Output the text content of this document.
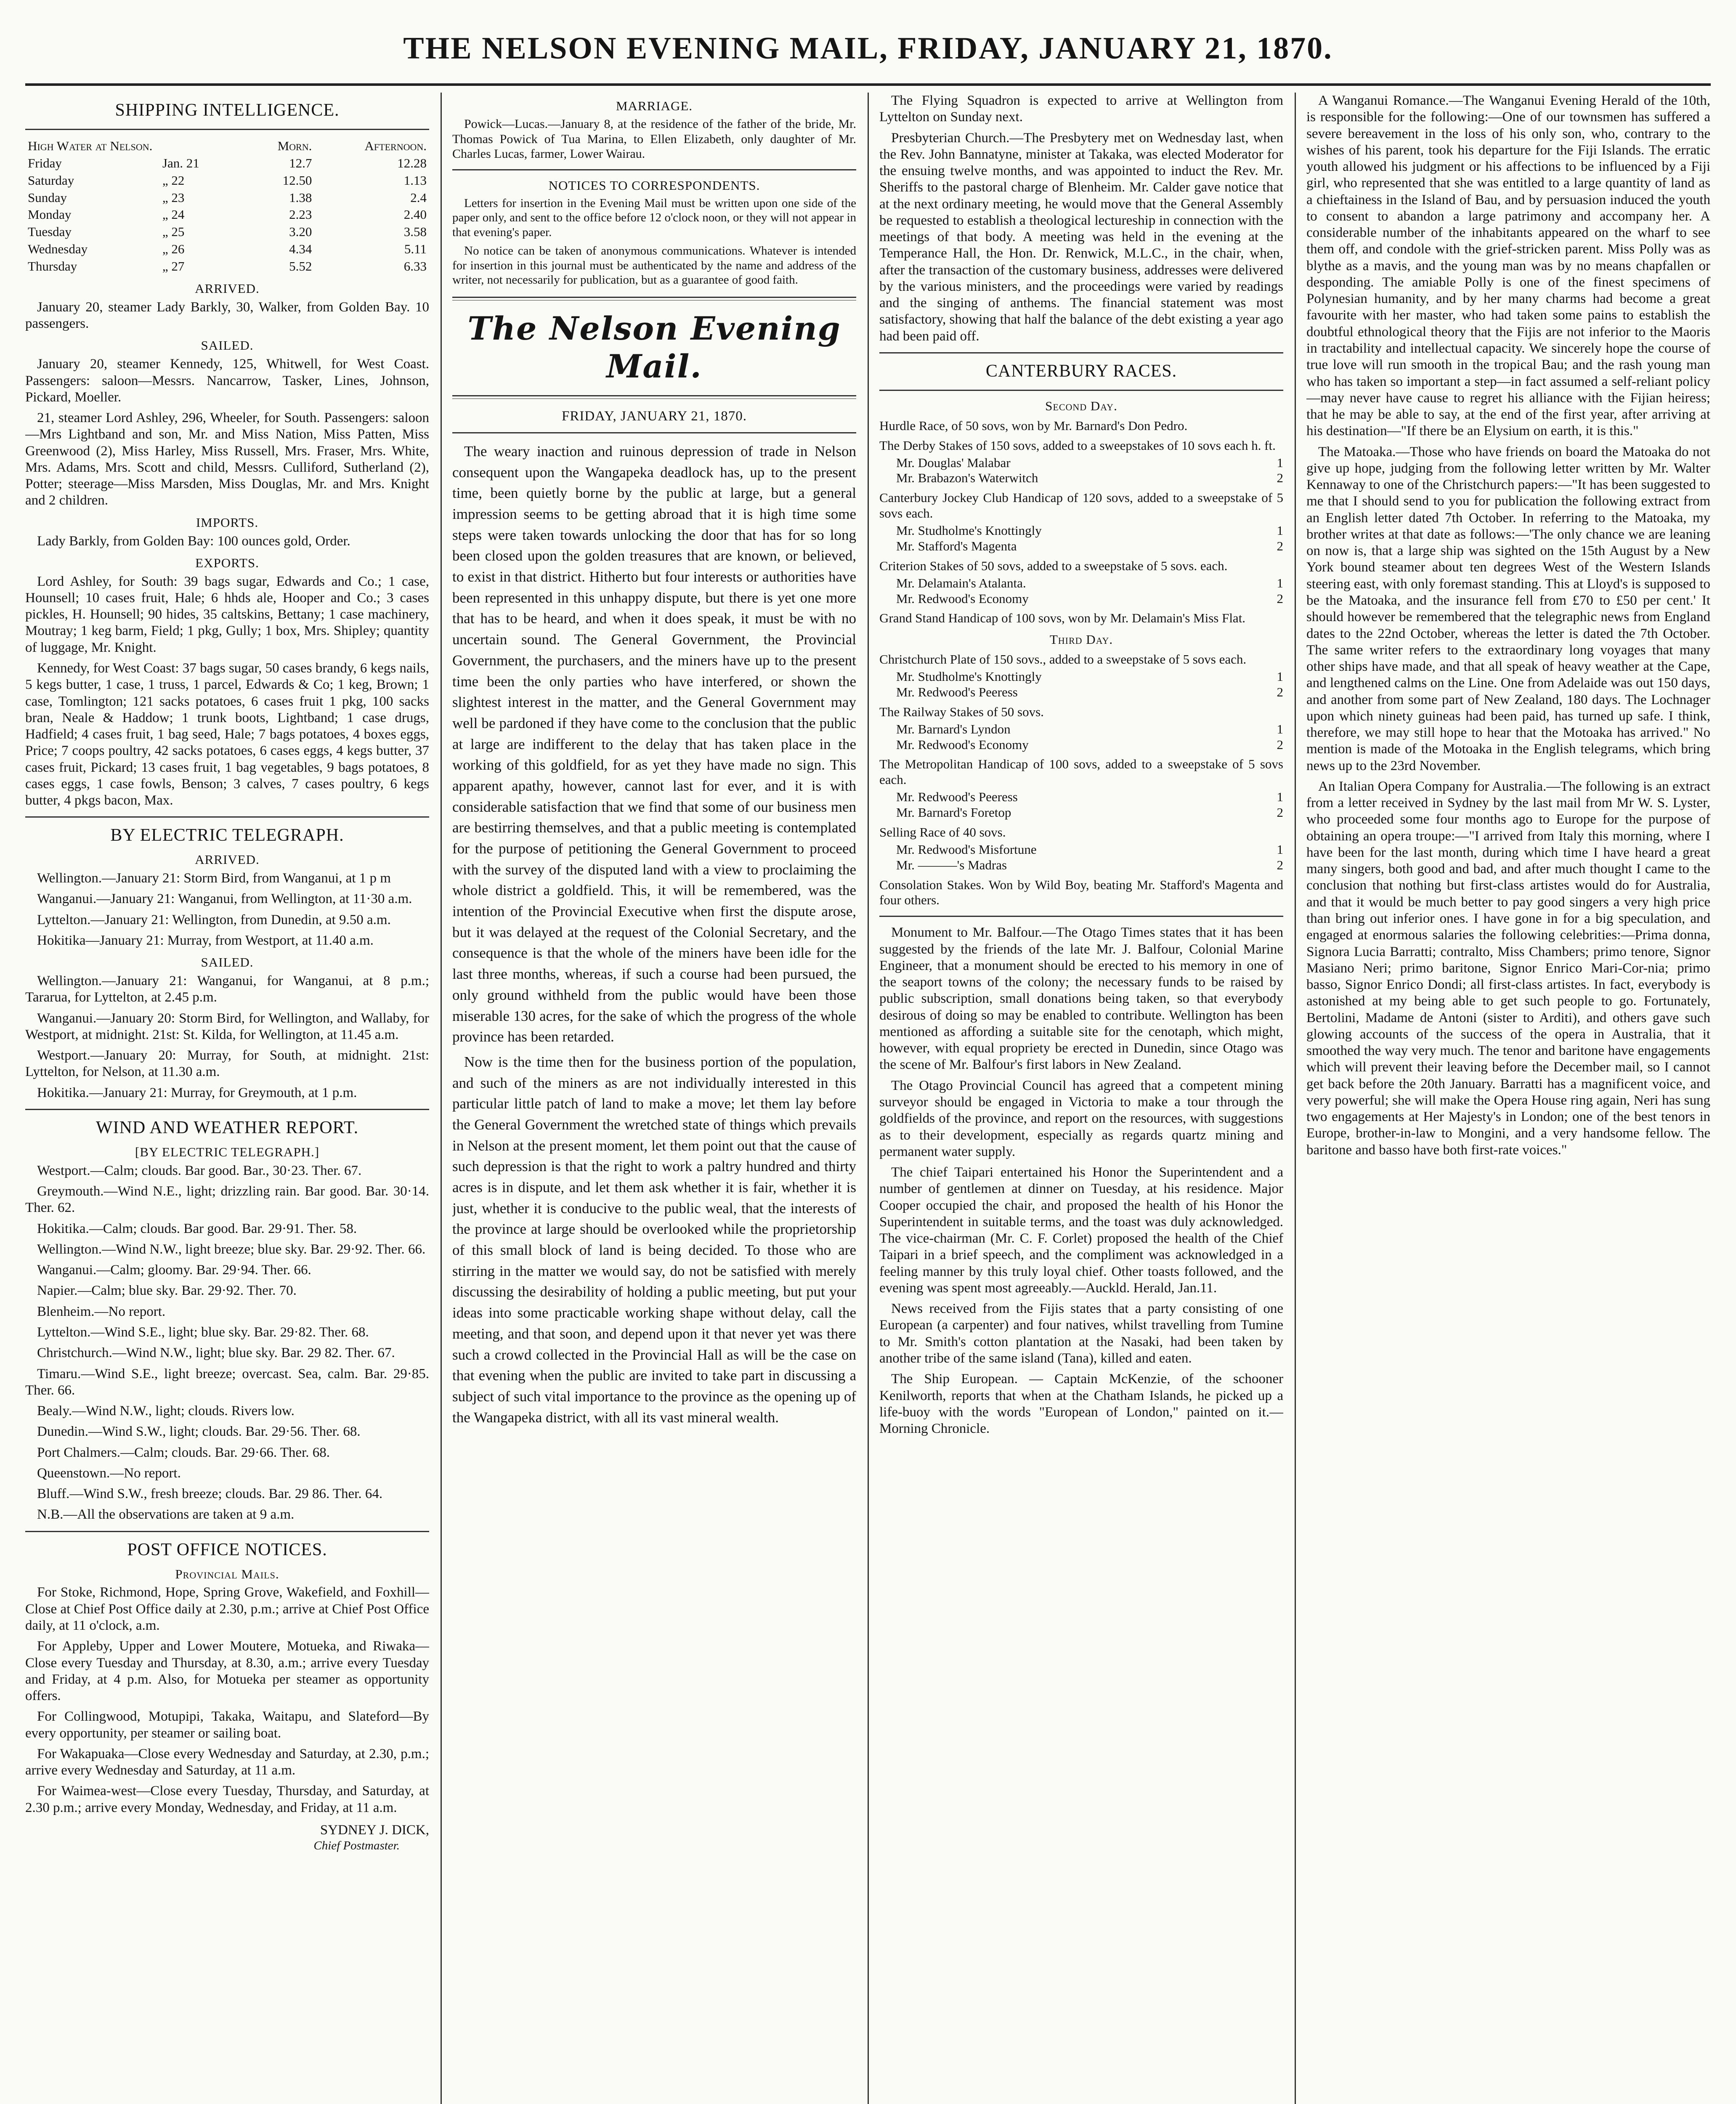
THE NELSON EVENING MAIL, FRIDAY, JANUARY 21, 1870.
SHIPPING INTELLIGENCE.
High Water at Nelson.		Morn.	Afternoon.
Friday	Jan. 21	12.7	12.28
Saturday	„ 22	12.50	1.13
Sunday	„ 23	1.38	2.4
Monday	„ 24	2.23	2.40
Tuesday	„ 25	3.20	3.58
Wednesday	„ 26	4.34	5.11
Thursday	„ 27	5.52	6.33
ARRIVED.

January 20, steamer Lady Barkly, 30, Walker, from Golden Bay. 10 passengers.

SAILED.

January 20, steamer Kennedy, 125, Whitwell, for West Coast. Passengers: saloon—Messrs. Nancarrow, Tasker, Lines, Johnson, Pickard, Moeller.

21, steamer Lord Ashley, 296, Wheeler, for South. Passengers: saloon—Mrs Lightband and son, Mr. and Miss Nation, Miss Patten, Miss Greenwood (2), Miss Harley, Miss Russell, Mrs. Fraser, Mrs. White, Mrs. Adams, Mrs. Scott and child, Messrs. Culliford, Sutherland (2), Potter; steerage—Miss Marsden, Miss Douglas, Mr. and Mrs. Knight and 2 children.

IMPORTS.

Lady Barkly, from Golden Bay: 100 ounces gold, Order.

EXPORTS.

Lord Ashley, for South: 39 bags sugar, Edwards and Co.; 1 case, Hounsell; 10 cases fruit, Hale; 6 hhds ale, Hooper and Co.; 3 cases pickles, H. Hounsell; 90 hides, 35 caltskins, Bettany; 1 case machinery, Moutray; 1 keg barm, Field; 1 pkg, Gully; 1 box, Mrs. Shipley; quantity of luggage, Mr. Knight.

Kennedy, for West Coast: 37 bags sugar, 50 cases brandy, 6 kegs nails, 5 kegs butter, 1 case, 1 truss, 1 parcel, Edwards & Co; 1 keg, Brown; 1 case, Tomlington; 121 sacks potatoes, 6 cases fruit 1 pkg, 100 sacks bran, Neale & Haddow; 1 trunk boots, Lightband; 1 case drugs, Hadfield; 4 cases fruit, 1 bag seed, Hale; 7 bags potatoes, 4 boxes eggs, Price; 7 coops poultry, 42 sacks potatoes, 6 cases eggs, 4 kegs butter, 37 cases fruit, Pickard; 13 cases fruit, 1 bag vegetables, 9 bags potatoes, 8 cases eggs, 1 case fowls, Benson; 3 calves, 7 cases poultry, 6 kegs butter, 4 pkgs bacon, Max.

BY ELECTRIC TELEGRAPH.
ARRIVED.

Wellington.—January 21: Storm Bird, from Wanganui, at 1 p m

Wanganui.—January 21: Wanganui, from Wellington, at 11·30 a.m.

Lyttelton.—January 21: Wellington, from Dunedin, at 9.50 a.m.

Hokitika—January 21: Murray, from Westport, at 11.40 a.m.

SAILED.

Wellington.—January 21: Wanganui, for Wanganui, at 8 p.m.; Tararua, for Lyttelton, at 2.45 p.m.

Wanganui.—January 20: Storm Bird, for Wellington, and Wallaby, for Westport, at midnight. 21st: St. Kilda, for Wellington, at 11.45 a.m.

Westport.—January 20: Murray, for South, at midnight. 21st: Lyttelton, for Nelson, at 11.30 a.m.

Hokitika.—January 21: Murray, for Greymouth, at 1 p.m.

WIND AND WEATHER REPORT.
[BY ELECTRIC TELEGRAPH.]

Westport.—Calm; clouds. Bar good. Bar., 30·23. Ther. 67.

Greymouth.—Wind N.E., light; drizzling rain. Bar good. Bar. 30·14. Ther. 62.

Hokitika.—Calm; clouds. Bar good. Bar. 29·91. Ther. 58.

Wellington.—Wind N.W., light breeze; blue sky. Bar. 29·92. Ther. 66.

Wanganui.—Calm; gloomy. Bar. 29·94. Ther. 66.

Napier.—Calm; blue sky. Bar. 29·92. Ther. 70.

Blenheim.—No report.

Lyttelton.—Wind S.E., light; blue sky. Bar. 29·82. Ther. 68.

Christchurch.—Wind N.W., light; blue sky. Bar. 29 82. Ther. 67.

Timaru.—Wind S.E., light breeze; overcast. Sea, calm. Bar. 29·85. Ther. 66.

Bealy.—Wind N.W., light; clouds. Rivers low.

Dunedin.—Wind S.W., light; clouds. Bar. 29·56. Ther. 68.

Port Chalmers.—Calm; clouds. Bar. 29·66. Ther. 68.

Queenstown.—No report.

Bluff.—Wind S.W., fresh breeze; clouds. Bar. 29 86. Ther. 64.

N.B.—All the observations are taken at 9 a.m.

POST OFFICE NOTICES.
Provincial Mails.

For Stoke, Richmond, Hope, Spring Grove, Wakefield, and Foxhill—Close at Chief Post Office daily at 2.30, p.m.; arrive at Chief Post Office daily, at 11 o'clock, a.m.

For Appleby, Upper and Lower Moutere, Motueka, and Riwaka—Close every Tuesday and Thursday, at 8.30, a.m.; arrive every Tuesday and Friday, at 4 p.m. Also, for Motueka per steamer as opportunity offers.

For Collingwood, Motupipi, Takaka, Waitapu, and Slateford—By every opportunity, per steamer or sailing boat.

For Wakapuaka—Close every Wednesday and Saturday, at 2.30, p.m.; arrive every Wednesday and Saturday, at 11 a.m.

For Waimea-west—Close every Tuesday, Thursday, and Saturday, at 2.30 p.m.; arrive every Monday, Wednesday, and Friday, at 11 a.m.

SYDNEY J. DICK,
Chief Postmaster.
MARRIAGE.

Powick—Lucas.—January 8, at the residence of the father of the bride, Mr. Thomas Powick of Tua Marina, to Ellen Elizabeth, only daughter of Mr. Charles Lucas, farmer, Lower Wairau.

NOTICES TO CORRESPONDENTS.

Letters for insertion in the Evening Mail must be written upon one side of the paper only, and sent to the office before 12 o'clock noon, or they will not appear in that evening's paper.

No notice can be taken of anonymous communications. Whatever is intended for insertion in this journal must be authenticated by the name and address of the writer, not necessarily for publication, but as a guarantee of good faith.

The Nelson Evening Mail.
FRIDAY, JANUARY 21, 1870.

The weary inaction and ruinous depression of trade in Nelson consequent upon the Wangapeka deadlock has, up to the present time, been quietly borne by the public at large, but a general impression seems to be getting abroad that it is high time some steps were taken towards unlocking the door that has for so long been closed upon the golden treasures that are known, or believed, to exist in that district. Hitherto but four interests or authorities have been represented in this unhappy dispute, but there is yet one more that has to be heard, and when it does speak, it must be with no uncertain sound. The General Government, the Provincial Government, the purchasers, and the miners have up to the present time been the only parties who have interfered, or shown the slightest interest in the matter, and the General Government may well be pardoned if they have come to the conclusion that the public at large are indifferent to the delay that has taken place in the working of this goldfield, for as yet they have made no sign. This apparent apathy, however, cannot last for ever, and it is with considerable satisfaction that we find that some of our business men are bestirring themselves, and that a public meeting is contemplated for the purpose of petitioning the General Government to proceed with the survey of the disputed land with a view to proclaiming the whole district a goldfield. This, it will be remembered, was the intention of the Provincial Executive when first the dispute arose, but it was delayed at the request of the Colonial Secretary, and the consequence is that the whole of the miners have been idle for the last three months, whereas, if such a course had been pursued, the only ground withheld from the public would have been those miserable 130 acres, for the sake of which the progress of the whole province has been retarded.

Now is the time then for the business portion of the population, and such of the miners as are not individually interested in this particular little patch of land to make a move; let them lay before the General Government the wretched state of things which prevails in Nelson at the present moment, let them point out that the cause of such depression is that the right to work a paltry hundred and thirty acres is in dispute, and let them ask whether it is fair, whether it is just, whether it is conducive to the public weal, that the interests of the province at large should be overlooked while the proprietorship of this small block of land is being decided. To those who are stirring in the matter we would say, do not be satisfied with merely discussing the desirability of holding a public meeting, but put your ideas into some practicable working shape without delay, call the meeting, and that soon, and depend upon it that never yet was there such a crowd collected in the Provincial Hall as will be the case on that evening when the public are invited to take part in discussing a subject of such vital importance to the province as the opening up of the Wangapeka district, with all its vast mineral wealth.

The Flying Squadron is expected to arrive at Wellington from Lyttelton on Sunday next.

Presbyterian Church.—The Presbytery met on Wednesday last, when the Rev. John Bannatyne, minister at Takaka, was elected Moderator for the ensuing twelve months, and was appointed to induct the Rev. Mr. Sheriffs to the pastoral charge of Blenheim. Mr. Calder gave notice that at the next ordinary meeting, he would move that the General Assembly be requested to establish a theological lectureship in connection with the meetings of that body. A meeting was held in the evening at the Temperance Hall, the Hon. Dr. Renwick, M.L.C., in the chair, when, after the transaction of the customary business, addresses were delivered by the various ministers, and the proceedings were varied by readings and the singing of anthems. The financial statement was most satisfactory, showing that half the balance of the debt existing a year ago had been paid off.

CANTERBURY RACES.
Second Day.

Hurdle Race, of 50 sovs, won by Mr. Barnard's Don Pedro.

The Derby Stakes of 150 sovs, added to a sweepstakes of 10 sovs each h. ft.

Mr. Douglas' Malabar	1
Mr. Brabazon's Waterwitch	2

Canterbury Jockey Club Handicap of 120 sovs, added to a sweepstake of 5 sovs each.

Mr. Studholme's Knottingly	1
Mr. Stafford's Magenta	2

Criterion Stakes of 50 sovs, added to a sweepstake of 5 sovs. each.

Mr. Delamain's Atalanta.	1
Mr. Redwood's Economy	2

Grand Stand Handicap of 100 sovs, won by Mr. Delamain's Miss Flat.

Third Day.

Christchurch Plate of 150 sovs., added to a sweepstake of 5 sovs each.

Mr. Studholme's Knottingly	1
Mr. Redwood's Peeress	2

The Railway Stakes of 50 sovs.

Mr. Barnard's Lyndon	1
Mr. Redwood's Economy	2

The Metropolitan Handicap of 100 sovs, added to a sweepstake of 5 sovs each.

Mr. Redwood's Peeress	1
Mr. Barnard's Foretop	2

Selling Race of 40 sovs.

Mr. Redwood's Misfortune	1
Mr. ———'s Madras	2

Consolation Stakes. Won by Wild Boy, beating Mr. Stafford's Magenta and four others.

Monument to Mr. Balfour.—The Otago Times states that it has been suggested by the friends of the late Mr. J. Balfour, Colonial Marine Engineer, that a monument should be erected to his memory in one of the seaport towns of the colony; the necessary funds to be raised by public subscription, small donations being taken, so that everybody desirous of doing so may be enabled to contribute. Wellington has been mentioned as affording a suitable site for the cenotaph, which might, however, with equal propriety be erected in Dunedin, since Otago was the scene of Mr. Balfour's first labors in New Zealand.

The Otago Provincial Council has agreed that a competent mining surveyor should be engaged in Victoria to make a tour through the goldfields of the province, and report on the resources, with suggestions as to their development, especially as regards quartz mining and permanent water supply.

The chief Taipari entertained his Honor the Superintendent and a number of gentlemen at dinner on Tuesday, at his residence. Major Cooper occupied the chair, and proposed the health of his Honor the Superintendent in suitable terms, and the toast was duly acknowledged. The vice-chairman (Mr. C. F. Corlet) proposed the health of the Chief Taipari in a brief speech, and the compliment was acknowledged in a feeling manner by this truly loyal chief. Other toasts followed, and the evening was spent most agreeably.—Auckld. Herald, Jan.11.

News received from the Fijis states that a party consisting of one European (a carpenter) and four natives, whilst travelling from Tumine to Mr. Smith's cotton plantation at the Nasaki, had been taken by another tribe of the same island (Tana), killed and eaten.

The Ship European. — Captain McKenzie, of the schooner Kenilworth, reports that when at the Chatham Islands, he picked up a life-buoy with the words "European of London," painted on it.—Morning Chronicle.

A Wanganui Romance.—The Wanganui Evening Herald of the 10th, is responsible for the following:—One of our townsmen has suffered a severe bereavement in the loss of his only son, who, contrary to the wishes of his parent, took his departure for the Fiji Islands. The erratic youth allowed his judgment or his affections to be influenced by a Fiji girl, who represented that she was entitled to a large quantity of land as a chieftainess in the Island of Bau, and by persuasion induced the youth to consent to abandon a large patrimony and accompany her. A considerable number of the inhabitants appeared on the wharf to see them off, and condole with the grief-stricken parent. Miss Polly was as blythe as a mavis, and the young man was by no means chapfallen or desponding. The amiable Polly is one of the finest specimens of Polynesian humanity, and by her many charms had become a great favourite with her master, who had taken some pains to establish the doubtful ethnological theory that the Fijis are not inferior to the Maoris in tractability and intellectual capacity. We sincerely hope the course of true love will run smooth in the tropical Bau; and the rash young man who has taken so important a step—in fact assumed a self-reliant policy—may never have cause to regret his alliance with the Fijian heiress; that he may be able to say, at the end of the first year, after arriving at his destination—"If there be an Elysium on earth, it is this."

The Matoaka.—Those who have friends on board the Matoaka do not give up hope, judging from the following letter written by Mr. Walter Kennaway to one of the Christchurch papers:—"It has been suggested to me that I should send to you for publication the following extract from an English letter dated 7th October. In referring to the Matoaka, my brother writes at that date as follows:—'The only chance we are leaning on now is, that a large ship was sighted on the 15th August by a New York bound steamer about ten degrees West of the Western Islands steering east, with only foremast standing. This at Lloyd's is supposed to be the Matoaka, and the insurance fell from £70 to £50 per cent.' It should however be remembered that the telegraphic news from England dates to the 22nd October, whereas the letter is dated the 7th October. The same writer refers to the extraordinary long voyages that many other ships have made, and that all speak of heavy weather at the Cape, and lengthened calms on the Line. One from Adelaide was out 150 days, and another from some part of New Zealand, 180 days. The Lochnager upon which ninety guineas had been paid, has turned up safe. I think, therefore, we may still hope to hear that the Motoaka has arrived." No mention is made of the Motoaka in the English telegrams, which bring news up to the 23rd November.

An Italian Opera Company for Australia.—The following is an extract from a letter received in Sydney by the last mail from Mr W. S. Lyster, who proceeded some four months ago to Europe for the purpose of obtaining an opera troupe:—"I arrived from Italy this morning, where I have been for the last month, during which time I have heard a great many singers, both good and bad, and after much thought I came to the conclusion that nothing but first-class artistes would do for Australia, and that it would be much better to pay good singers a very high price than bring out inferior ones. I have gone in for a big speculation, and engaged at enormous salaries the following celebrities:—Prima donna, Signora Lucia Barratti; contralto, Miss Chambers; primo tenore, Signor Masiano Neri; primo baritone, Signor Enrico Mari-Cor-nia; primo basso, Signor Enrico Dondi; all first-class artistes. In fact, everybody is astonished at my being able to get such people to go. Fortunately, Bertolini, Madame de Antoni (sister to Arditi), and others gave such glowing accounts of the success of the opera in Australia, that it smoothed the way very much. The tenor and baritone have engagements which will prevent their leaving before the December mail, so I cannot get back before the 20th January. Barratti has a magnificent voice, and very powerful; she will make the Opera House ring again, Neri has sung two engagements at Her Majesty's in London; one of the best tenors in Europe, brother-in-law to Mongini, and a very handsome fellow. The baritone and basso have both first-rate voices."
